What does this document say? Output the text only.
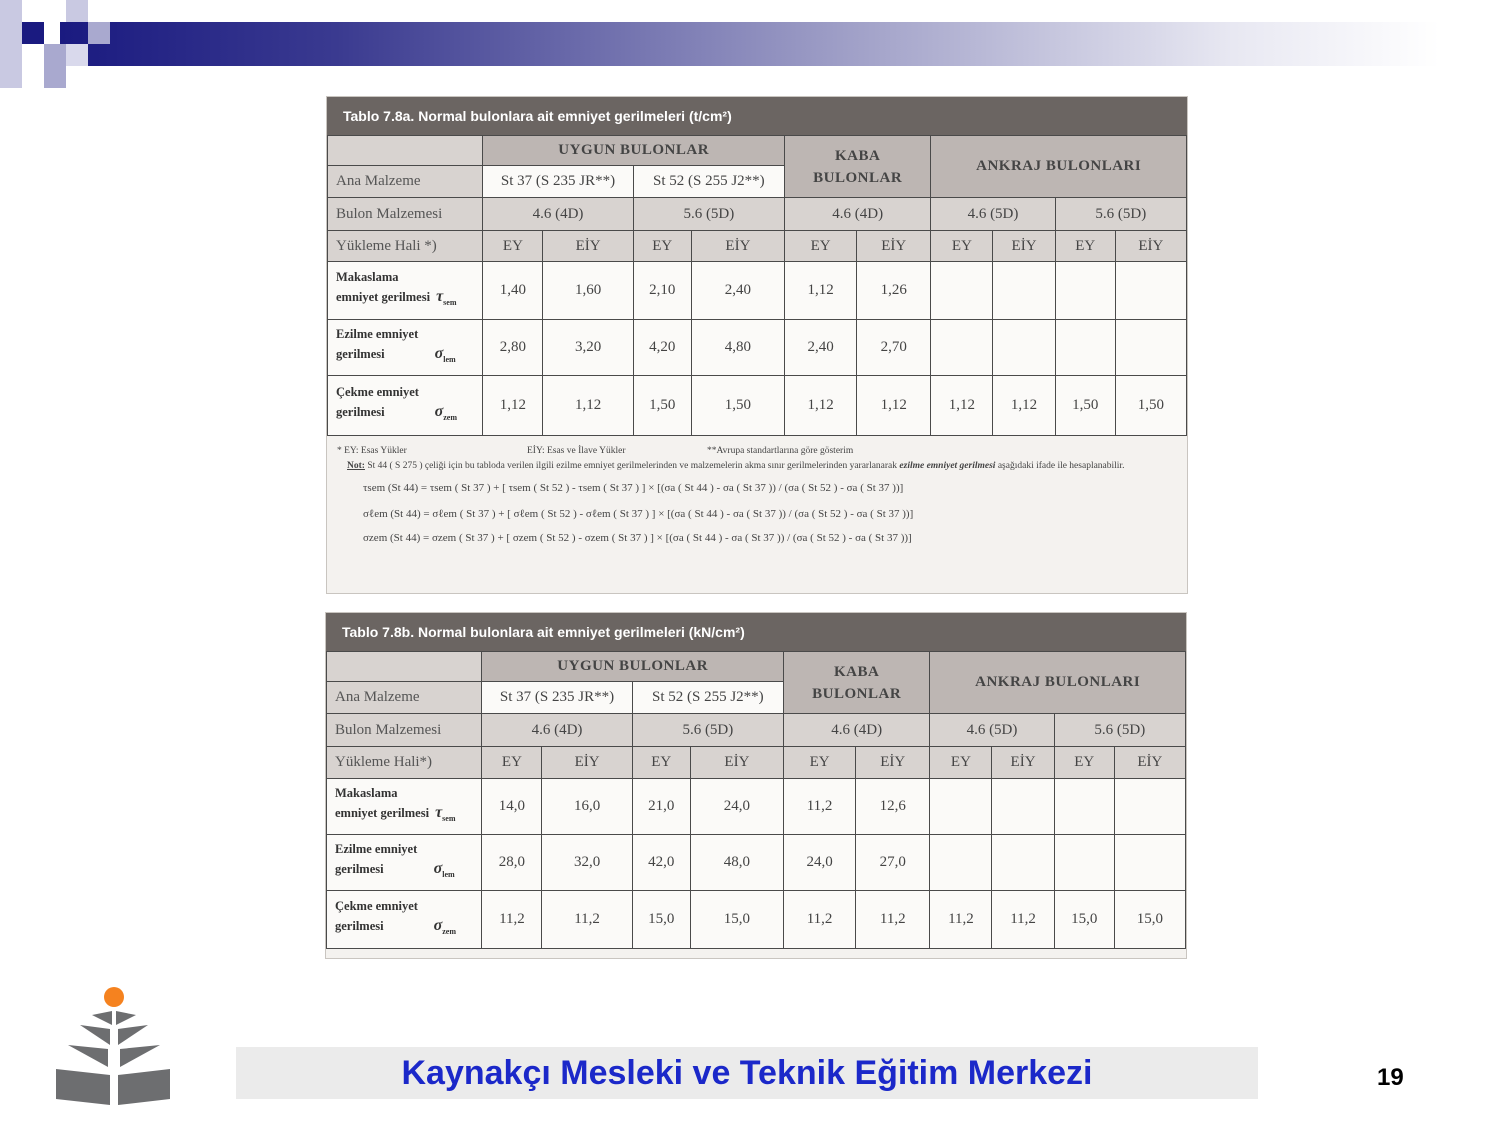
Tablo 7.8a. Normal bulonlara ait emniyet gerilmeleri (t/cm²)
	UYGUN BULONLAR				KABA BULONLAR		ANKRAJ BULONLARI			
Ana Malzeme	St 37 (S 235 JR**)		St 52 (S 255 J2**)							
Bulon Malzemesi	4.6 (4D)		5.6 (5D)		4.6 (4D)		4.6 (5D)		5.6 (5D)	
Yükleme Hali *)	EY	EİY	EY	EİY	EY	EİY	EY	EİY	EY	EİY
Makaslama
emniyet gerilmesi $\tau_{sem}$	1,40	1,60	2,10	2,40	1,12	1,26				
Ezilme emniyet
gerilmesi $\sigma_{lem}$	2,80	3,20	4,20	4,80	2,40	2,70				
Çekme emniyet
gerilmesi $\sigma_{zem}$	1,12	1,12	1,50	1,50	1,12	1,12	1,12	1,12	1,50	1,50
* EY: Esas Yükler	EİY: Esas ve İlave Yükler	**Avrupa standartlarına göre gösterim
Not: St 44 ( S 275 ) çeliği için bu tabloda verilen ilgili ezilme emniyet gerilmelerinden ve malzemelerin akma sınır gerilmelerinden yararlanarak ezilme emniyet gerilmesi aşağıdaki ifade ile hesaplanabilir.
τsem (St 44) = τsem ( St 37 ) + [ τsem ( St 52 ) - τsem ( St 37 ) ] × [(σa ( St 44 ) - σa ( St 37 )) / (σa ( St 52 ) - σa ( St 37 ))]
σℓem (St 44) = σℓem ( St 37 ) + [ σℓem ( St 52 ) - σℓem ( St 37 ) ] × [(σa ( St 44 ) - σa ( St 37 )) / (σa ( St 52 ) - σa ( St 37 ))]
σzem (St 44) = σzem ( St 37 ) + [ σzem ( St 52 ) - σzem ( St 37 ) ] × [(σa ( St 44 ) - σa ( St 37 )) / (σa ( St 52 ) - σa ( St 37 ))]
Tablo 7.8b. Normal bulonlara ait emniyet gerilmeleri (kN/cm²)
	UYGUN BULONLAR				KABA BULONLAR		ANKRAJ BULONLARI			
Ana Malzeme	St 37 (S 235 JR**)		St 52 (S 255 J2**)							
Bulon Malzemesi	4.6 (4D)		5.6 (5D)		4.6 (4D)		4.6 (5D)		5.6 (5D)	
Yükleme Hali*)	EY	EİY	EY	EİY	EY	EİY	EY	EİY	EY	EİY
Makaslama
emniyet gerilmesi $\tau_{sem}$	14,0	16,0	21,0	24,0	11,2	12,6				
Ezilme emniyet
gerilmesi $\sigma_{lem}$	28,0	32,0	42,0	48,0	24,0	27,0				
Çekme emniyet
gerilmesi $\sigma_{zem}$	11,2	11,2	15,0	15,0	11,2	11,2	11,2	11,2	15,0	15,0
Kaynakçı Mesleki ve Teknik Eğitim Merkezi	19
